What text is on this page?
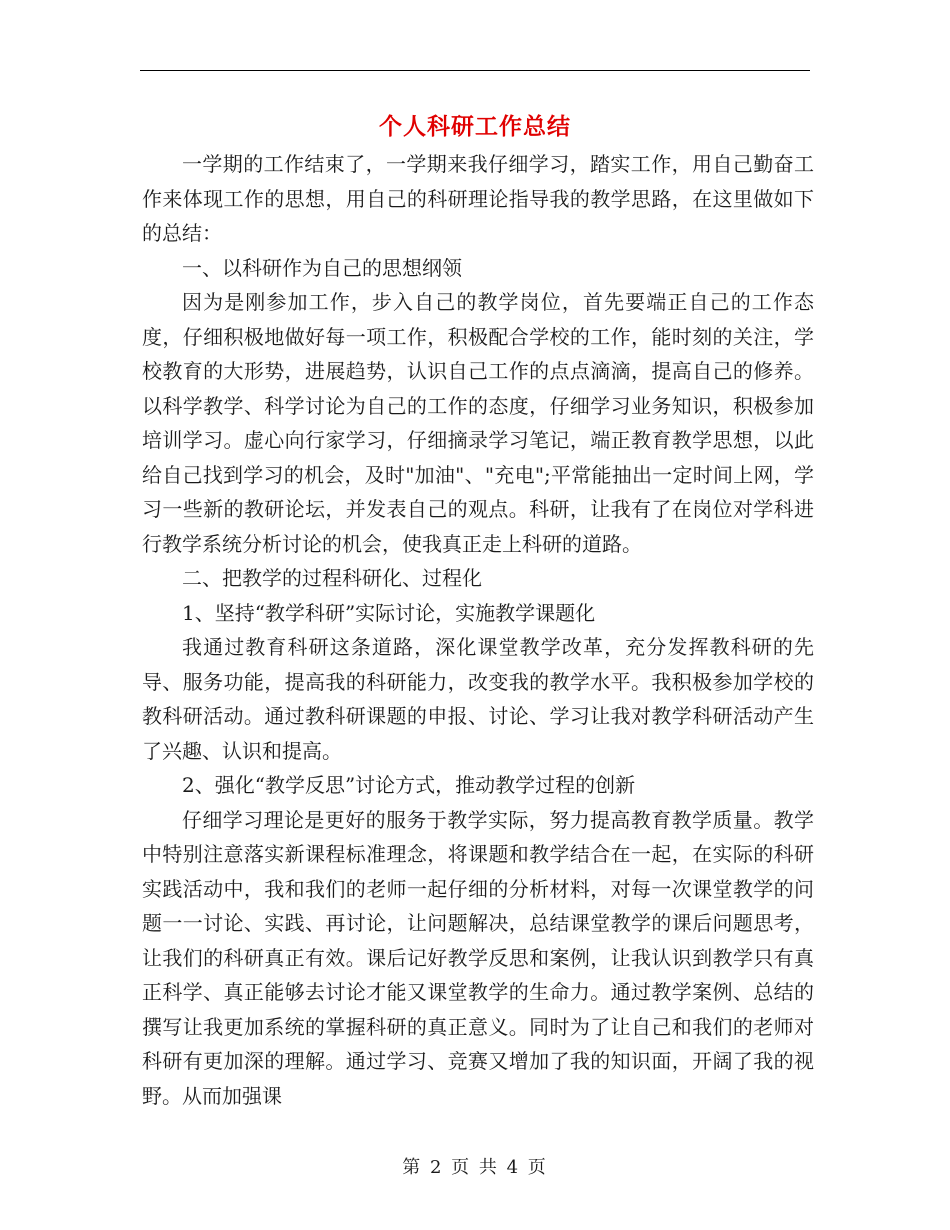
个人科研工作总结

一学期的工作结束了，一学期来我仔细学习，踏实工作，用自己勤奋工作来体现工作的思想，用自己的科研理论指导我的教学思路，在这里做如下的总结：

一、以科研作为自己的思想纲领

因为是刚参加工作，步入自己的教学岗位，首先要端正自己的工作态度，仔细积极地做好每一项工作，积极配合学校的工作，能时刻的关注，学校教育的大形势，进展趋势，认识自己工作的点点滴滴，提高自己的修养。以科学教学、科学讨论为自己的工作的态度，仔细学习业务知识，积极参加培训学习。虚心向行家学习，仔细摘录学习笔记，端正教育教学思想，以此给自己找到学习的机会，及时"加油"、"充电";平常能抽出一定时间上网，学习一些新的教研论坛，并发表自己的观点。科研，让我有了在岗位对学科进行教学系统分析讨论的机会，使我真正走上科研的道路。

二、把教学的过程科研化、过程化

1、坚持“教学科研”实际讨论，实施教学课题化

我通过教育科研这条道路，深化课堂教学改革，充分发挥教科研的先导、服务功能，提高我的科研能力，改变我的教学水平。我积极参加学校的教科研活动。通过教科研课题的申报、讨论、学习让我对教学科研活动产生了兴趣、认识和提高。

2、强化“教学反思”讨论方式，推动教学过程的创新

仔细学习理论是更好的服务于教学实际，努力提高教育教学质量。教学中特别注意落实新课程标准理念，将课题和教学结合在一起，在实际的科研实践活动中，我和我们的老师一起仔细的分析材料，对每一次课堂教学的问题一一讨论、实践、再讨论，让问题解决，总结课堂教学的课后问题思考，让我们的科研真正有效。课后记好教学反思和案例，让我认识到教学只有真正科学、真正能够去讨论才能又课堂教学的生命力。通过教学案例、总结的撰写让我更加系统的掌握科研的真正意义。同时为了让自己和我们的老师对科研有更加深的理解。通过学习、竞赛又增加了我的知识面，开阔了我的视野。从而加强课

第 2 页 共 4 页
